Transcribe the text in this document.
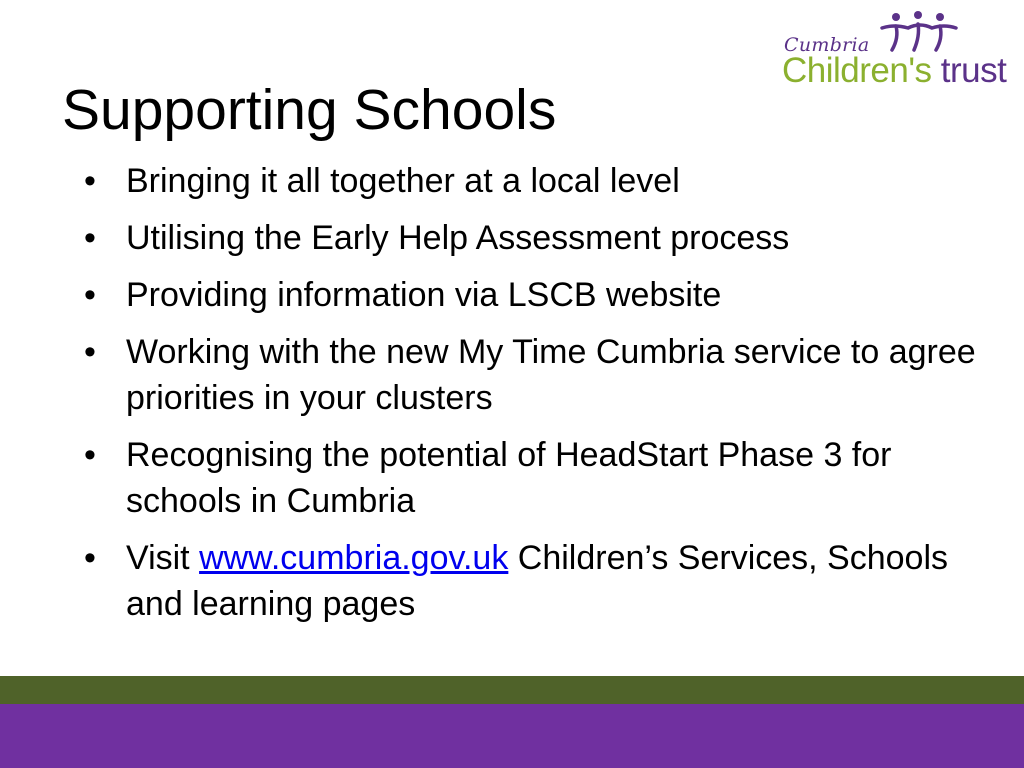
Cumbria
Children's trust
Supporting Schools
• Bringing it all together at a local level
• Utilising the Early Help Assessment process
• Providing information via LSCB website
• Working with the new My Time Cumbria service to agree priorities in your clusters
• Recognising the potential of HeadStart Phase 3 for schools in Cumbria
• Visit www.cumbria.gov.uk Children’s Services, Schools and learning pages
